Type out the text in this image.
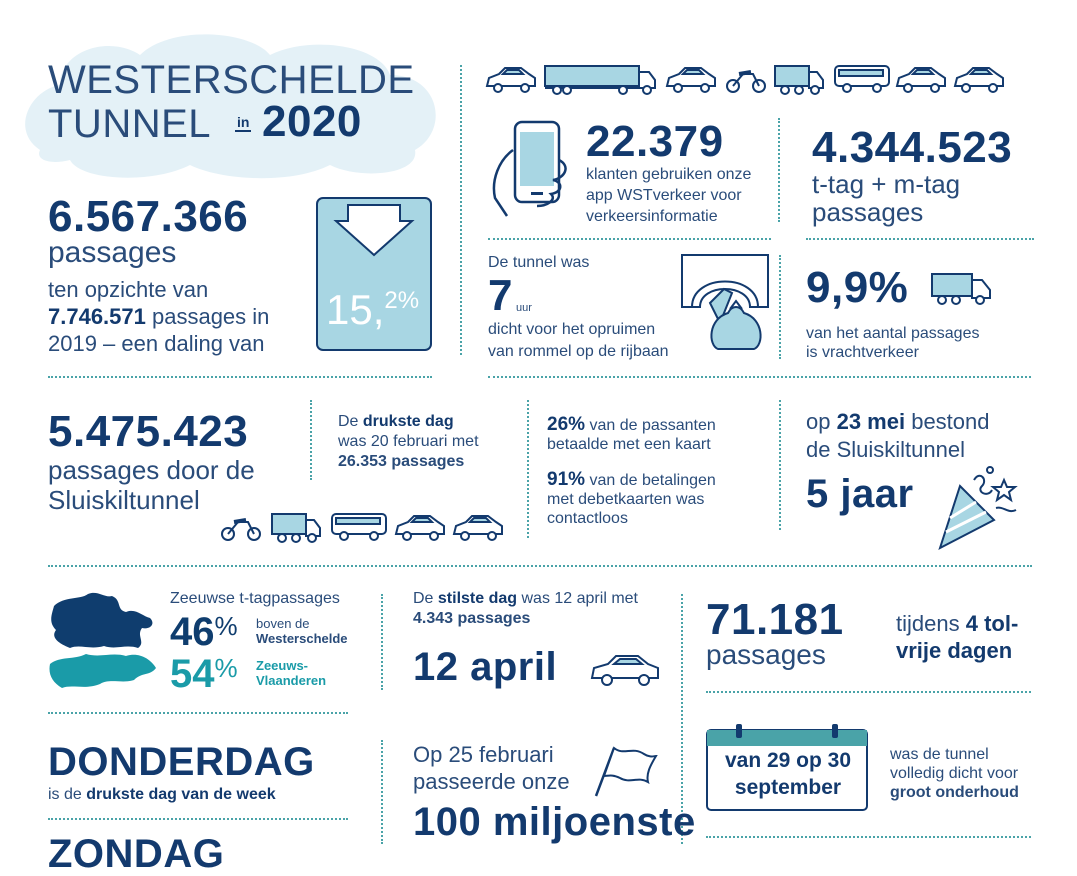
WESTERSCHELDE
TUNNEL in 2020
6.567.366
passages
ten opzichte van
7.746.571 passages in
2019 – een daling van
15,2%
22.379
klanten gebruiken onze
app WSTverkeer voor
verkeersinformatie
4.344.523
t-tag + m-tag
passages
De tunnel was
7 uur
dicht voor het opruimen
van rommel op de rijbaan
9,9%
van het aantal passages
is vrachtverkeer
5.475.423
passages door de
Sluiskiltunnel
De drukste dag
was 20 februari met
26.353 passages
26% van de passanten
betaalde met een kaart
91% van de betalingen
met debetkaarten was
contactloos
op 23 mei bestond
de Sluiskiltunnel
5 jaar
Zeeuwse t-tagpassages
46% boven de
Westerschelde
54% Zeeuws-
Vlaanderen
De stilste dag was 12 april met
4.343 passages
12 april
71.181
passages
tijdens 4 tol-
vrije dagen
DONDERDAG
is de drukste dag van de week
ZONDAG
Op 25 februari
passeerde onze
100 miljoenste
van 29 op 30
september
was de tunnel
volledig dicht voor
groot onderhoud
